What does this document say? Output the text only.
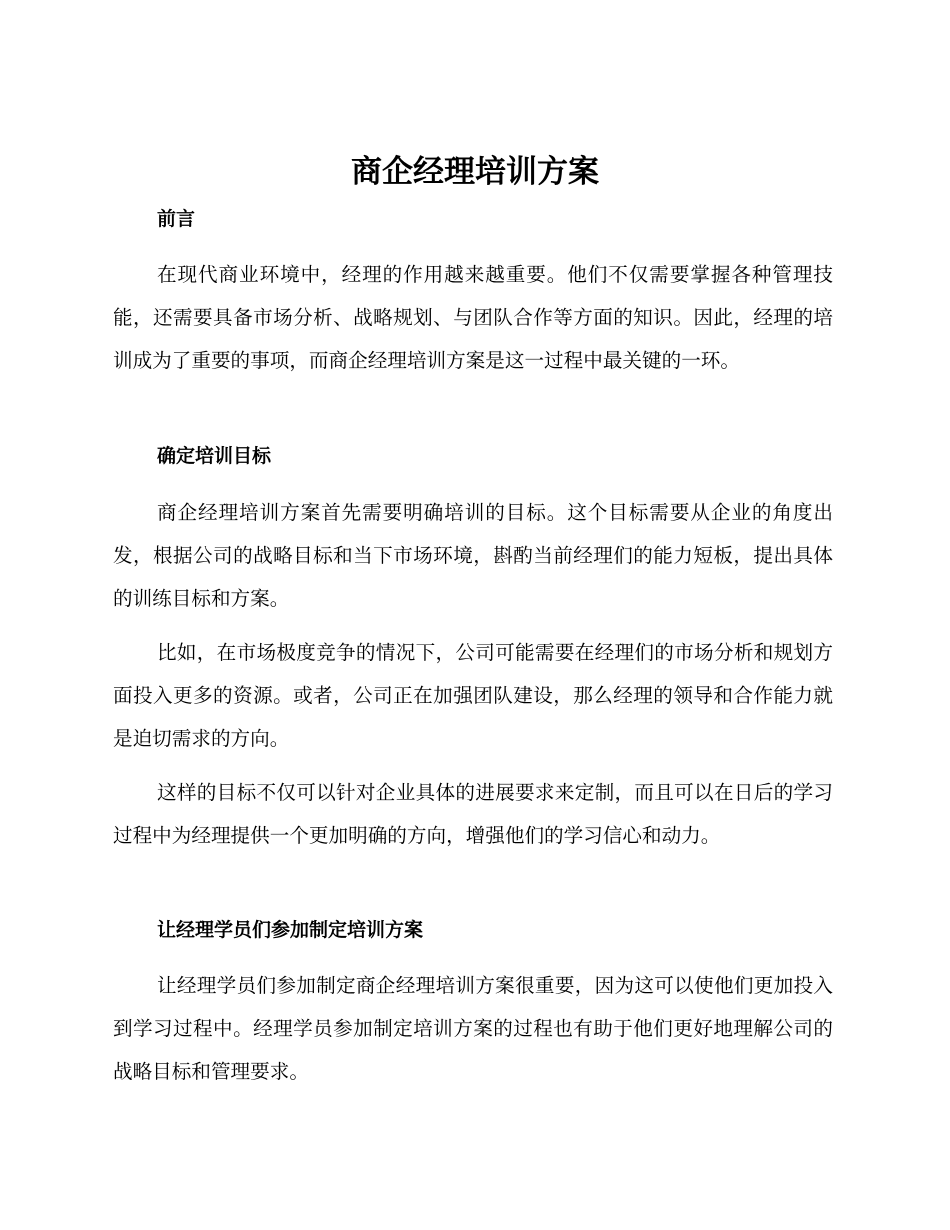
商企经理培训方案
前言

在现代商业环境中，经理的作用越来越重要。他们不仅需要掌握各种管理技能，还需要具备市场分析、战略规划、与团队合作等方面的知识。因此，经理的培训成为了重要的事项，而商企经理培训方案是这一过程中最关键的一环。

确定培训目标

商企经理培训方案首先需要明确培训的目标。这个目标需要从企业的角度出发，根据公司的战略目标和当下市场环境，斟酌当前经理们的能力短板，提出具体的训练目标和方案。

比如，在市场极度竞争的情况下，公司可能需要在经理们的市场分析和规划方面投入更多的资源。或者，公司正在加强团队建设，那么经理的领导和合作能力就是迫切需求的方向。

这样的目标不仅可以针对企业具体的进展要求来定制，而且可以在日后的学习过程中为经理提供一个更加明确的方向，增强他们的学习信心和动力。

让经理学员们参加制定培训方案

让经理学员们参加制定商企经理培训方案很重要，因为这可以使他们更加投入到学习过程中。经理学员参加制定培训方案的过程也有助于他们更好地理解公司的战略目标和管理要求。
